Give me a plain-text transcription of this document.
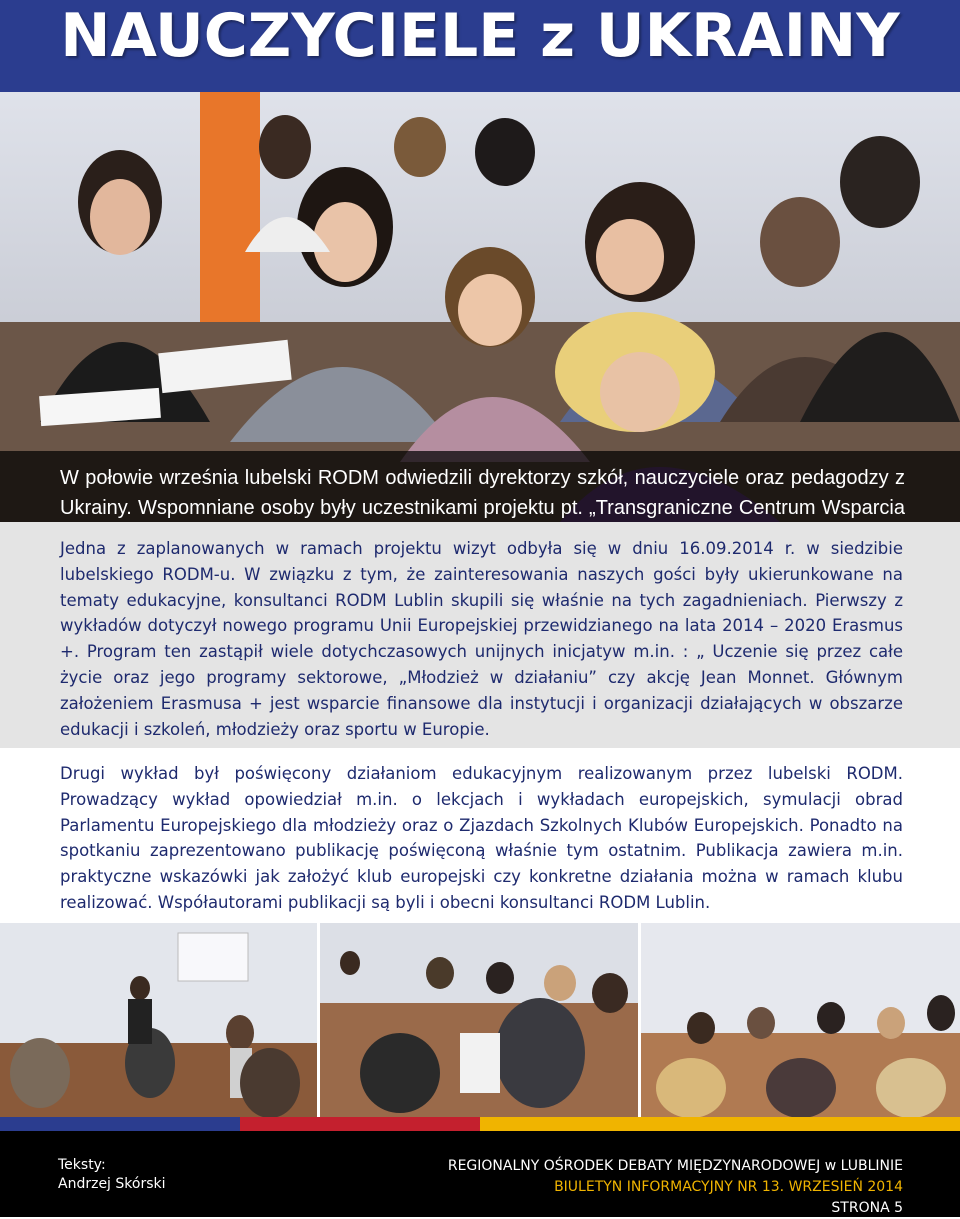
NAUCZYCIELE z UKRAINY

W połowie września lubelski RODM odwiedzili dyrektorzy szkół, nauczyciele oraz pedagodzy z Ukrainy. Wspomniane osoby były uczestnikami projektu pt. „Transgraniczne Centrum Wsparcia

Jedna z zaplanowanych w ramach projektu wizyt odbyła się w dniu 16.09.2014 r. w siedzibie lubelskiego RODM-u. W związku z tym, że zainteresowania naszych gości były ukierunkowane na tematy edukacyjne, konsultanci RODM Lublin skupili się właśnie na tych zagadnieniach. Pierwszy z wykładów dotyczył nowego programu Unii Europejskiej przewidzianego na lata 2014 – 2020 Erasmus +. Program ten zastąpił wiele dotychczasowych unijnych inicjatyw m.in. : „ Uczenie się przez całe życie oraz jego programy sektorowe, „Młodzież w działaniu” czy akcję Jean Monnet. Głównym założeniem Erasmusa + jest wsparcie finansowe dla instytucji i organizacji działających w obszarze edukacji i szkoleń, młodzieży oraz sportu w Europie.

Drugi wykład był poświęcony działaniom edukacyjnym realizowanym przez lubelski RODM. Prowadzący wykład opowiedział m.in. o lekcjach i wykładach europejskich, symulacji obrad Parlamentu Europejskiego dla młodzieży oraz o Zjazdach Szkolnych Klubów Europejskich. Ponadto na spotkaniu zaprezentowano publikację poświęconą właśnie tym ostatnim. Publikacja zawiera m.in. praktyczne wskazówki jak założyć klub europejski czy konkretne działania można w ramach klubu realizować. Współautorami publikacji są byli i obecni konsultanci RODM Lublin.

Teksty:
Andrzej Skórski
REGIONALNY OŚRODEK DEBATY MIĘDZYNARODOWEJ w LUBLINIE
BIULETYN INFORMACYJNY NR 13. WRZESIEŃ 2014
STRONA 5
